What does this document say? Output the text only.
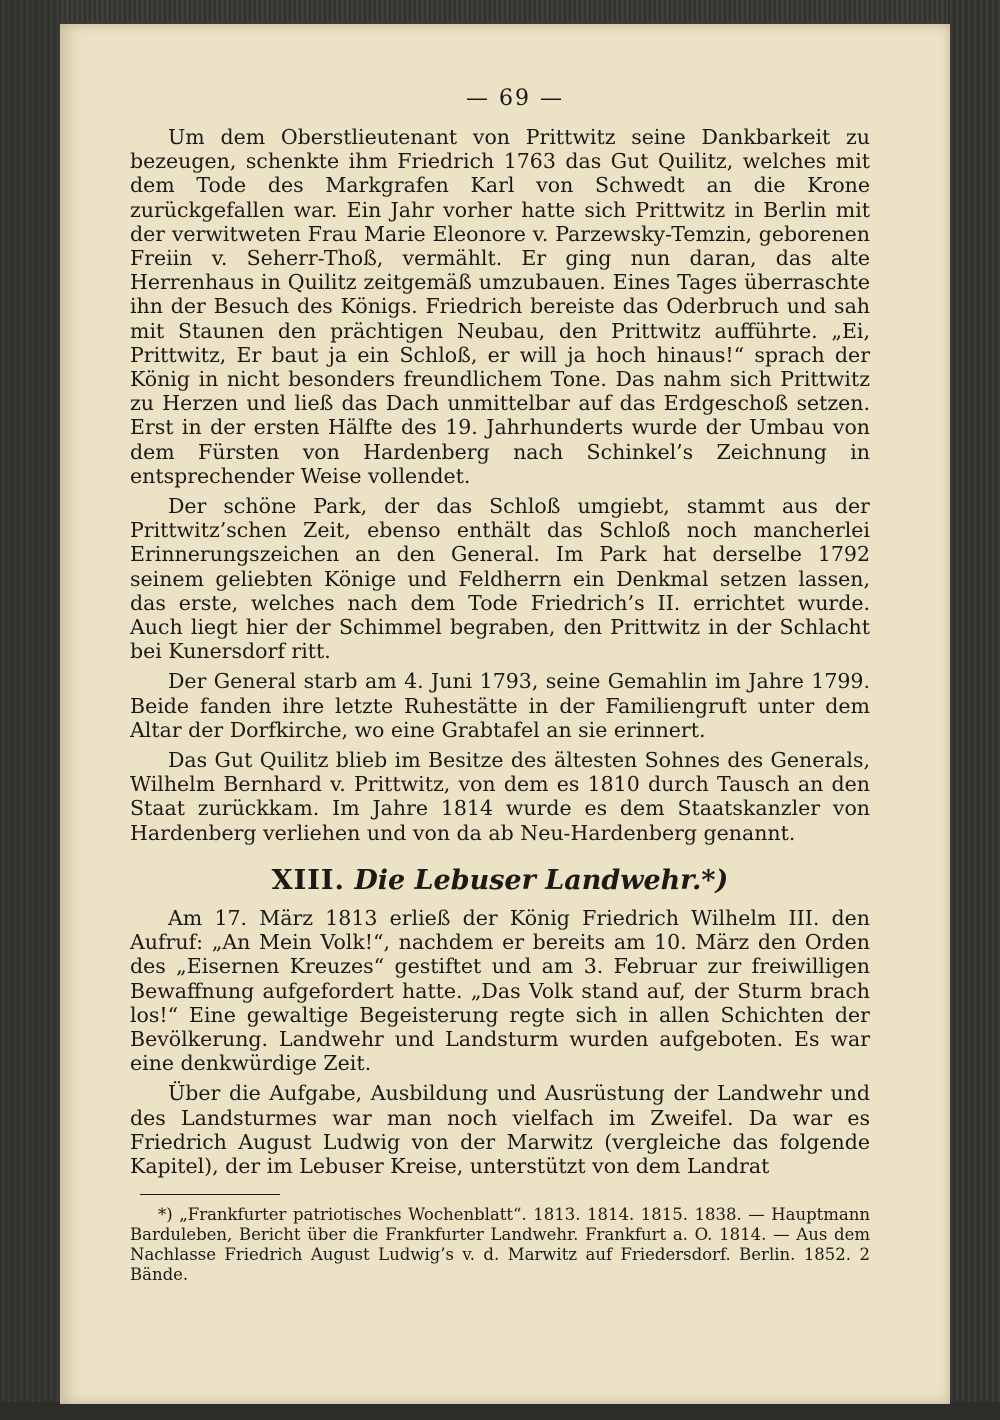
— 69 —

Um dem Oberstlieutenant von Prittwitz seine Dankbarkeit zu bezeugen, schenkte ihm Friedrich 1763 das Gut Quilitz, welches mit dem Tode des Markgrafen Karl von Schwedt an die Krone zurückgefallen war. Ein Jahr vorher hatte sich Prittwitz in Berlin mit der verwitweten Frau Marie Eleonore v. Parzewsky-Temzin, geborenen Freiin v. Seherr-Thoß, vermählt. Er ging nun daran, das alte Herrenhaus in Quilitz zeitgemäß umzubauen. Eines Tages überraschte ihn der Besuch des Königs. Friedrich bereiste das Oderbruch und sah mit Staunen den prächtigen Neubau, den Prittwitz aufführte. „Ei, Prittwitz, Er baut ja ein Schloß, er will ja hoch hinaus!“ sprach der König in nicht besonders freundlichem Tone. Das nahm sich Prittwitz zu Herzen und ließ das Dach unmittelbar auf das Erdgeschoß setzen. Erst in der ersten Hälfte des 19. Jahrhunderts wurde der Umbau von dem Fürsten von Hardenberg nach Schinkel’s Zeichnung in entsprechender Weise vollendet.

Der schöne Park, der das Schloß umgiebt, stammt aus der Prittwitz’schen Zeit, ebenso enthält das Schloß noch mancherlei Erinnerungszeichen an den General. Im Park hat derselbe 1792 seinem geliebten Könige und Feldherrn ein Denkmal setzen lassen, das erste, welches nach dem Tode Friedrich’s II. errichtet wurde. Auch liegt hier der Schimmel begraben, den Prittwitz in der Schlacht bei Kunersdorf ritt.

Der General starb am 4. Juni 1793, seine Gemahlin im Jahre 1799. Beide fanden ihre letzte Ruhestätte in der Familiengruft unter dem Altar der Dorfkirche, wo eine Grabtafel an sie erinnert.

Das Gut Quilitz blieb im Besitze des ältesten Sohnes des Generals, Wilhelm Bernhard v. Prittwitz, von dem es 1810 durch Tausch an den Staat zurückkam. Im Jahre 1814 wurde es dem Staatskanzler von Hardenberg verliehen und von da ab Neu-Hardenberg genannt.

XIII. Die Lebuser Landwehr.*)

Am 17. März 1813 erließ der König Friedrich Wilhelm III. den Aufruf: „An Mein Volk!“, nachdem er bereits am 10. März den Orden des „Eisernen Kreuzes“ gestiftet und am 3. Februar zur freiwilligen Bewaffnung aufgefordert hatte. „Das Volk stand auf, der Sturm brach los!“ Eine gewaltige Begeisterung regte sich in allen Schichten der Bevölkerung. Landwehr und Landsturm wurden aufgeboten. Es war eine denkwürdige Zeit.

Über die Aufgabe, Ausbildung und Ausrüstung der Landwehr und des Landsturmes war man noch vielfach im Zweifel. Da war es Friedrich August Ludwig von der Marwitz (vergleiche das folgende Kapitel), der im Lebuser Kreise, unterstützt von dem Landrat

*) „Frankfurter patriotisches Wochenblatt“. 1813. 1814. 1815. 1838. — Hauptmann Barduleben, Bericht über die Frankfurter Landwehr. Frankfurt a. O. 1814. — Aus dem Nachlasse Friedrich August Ludwig’s v. d. Marwitz auf Friedersdorf. Berlin. 1852. 2 Bände.
